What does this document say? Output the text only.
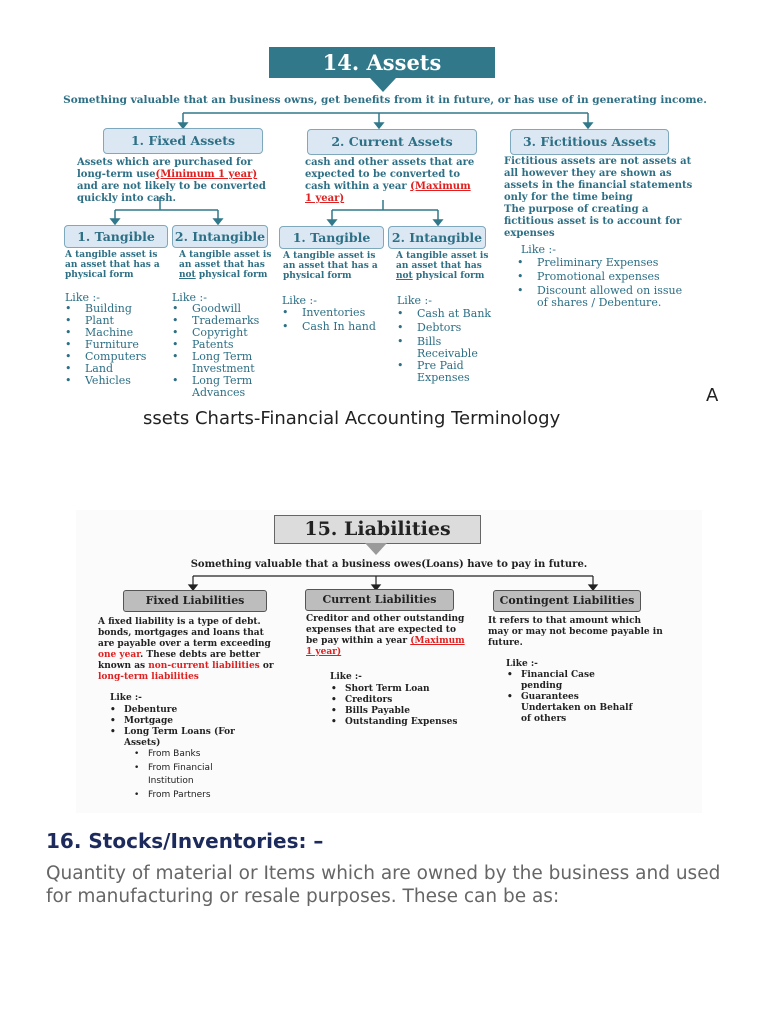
14. Assets
Something valuable that an business owns, get benefits from it in future, or has use of in generating income.
1. Fixed Assets
Assets which are purchased for long-term use(Minimum 1 year) and are not likely to be converted quickly into cash.
1. Tangible
A tangible asset is an asset that has a physical form
Like :-
• Building
• Plant
• Machine
• Furniture
• Computers
• Land
• Vehicles
2. Intangible
A tangible asset is an asset that has not physical form
Like :-
• Goodwill
• Trademarks
• Copyright
• Patents
• Long Term Investment
• Long Term Advances
2. Current Assets
cash and other assets that are expected to be converted to cash within a year (Maximum 1 year)
1. Tangible
A tangible asset is an asset that has a physical form
Like :-
• Inventories
• Cash In hand
2. Intangible
A tangible asset is an asset that has not physical form
Like :-
• Cash at Bank
• Debtors
• Bills Receivable
• Pre Paid Expenses
3. Fictitious Assets
Fictitious assets are not assets at all however they are shown as assets in the financial statements only for the time being
The purpose of creating a fictitious asset is to account for expenses
Like :-
• Preliminary Expenses
• Promotional expenses
• Discount allowed on issue of shares / Debenture.
A
ssets Charts-Financial Accounting Terminology
15. Liabilities
Something valuable that a business owes(Loans) have to pay in future.
Fixed Liabilities
A fixed liability is a type of debt. bonds, mortgages and loans that are payable over a term exceeding one year. These debts are better known as non-current liabilities or long-term liabilities
Like :-
• Debenture
• Mortgage
• Long Term Loans (For Assets)
• From Banks
• From Financial Institution
• From Partners
Current Liabilities
Creditor and other outstanding expenses that are expected to be pay within a year (Maximum 1 year)
Like :-
• Short Term Loan
• Creditors
• Bills Payable
• Outstanding Expenses
Contingent Liabilities
It refers to that amount which may or may not become payable in future.
Like :-
• Financial Case pending
• Guarantees Undertaken on Behalf of others
16. Stocks/Inventories: –
Quantity of material or Items which are owned by the business and used for manufacturing or resale purposes. These can be as:
